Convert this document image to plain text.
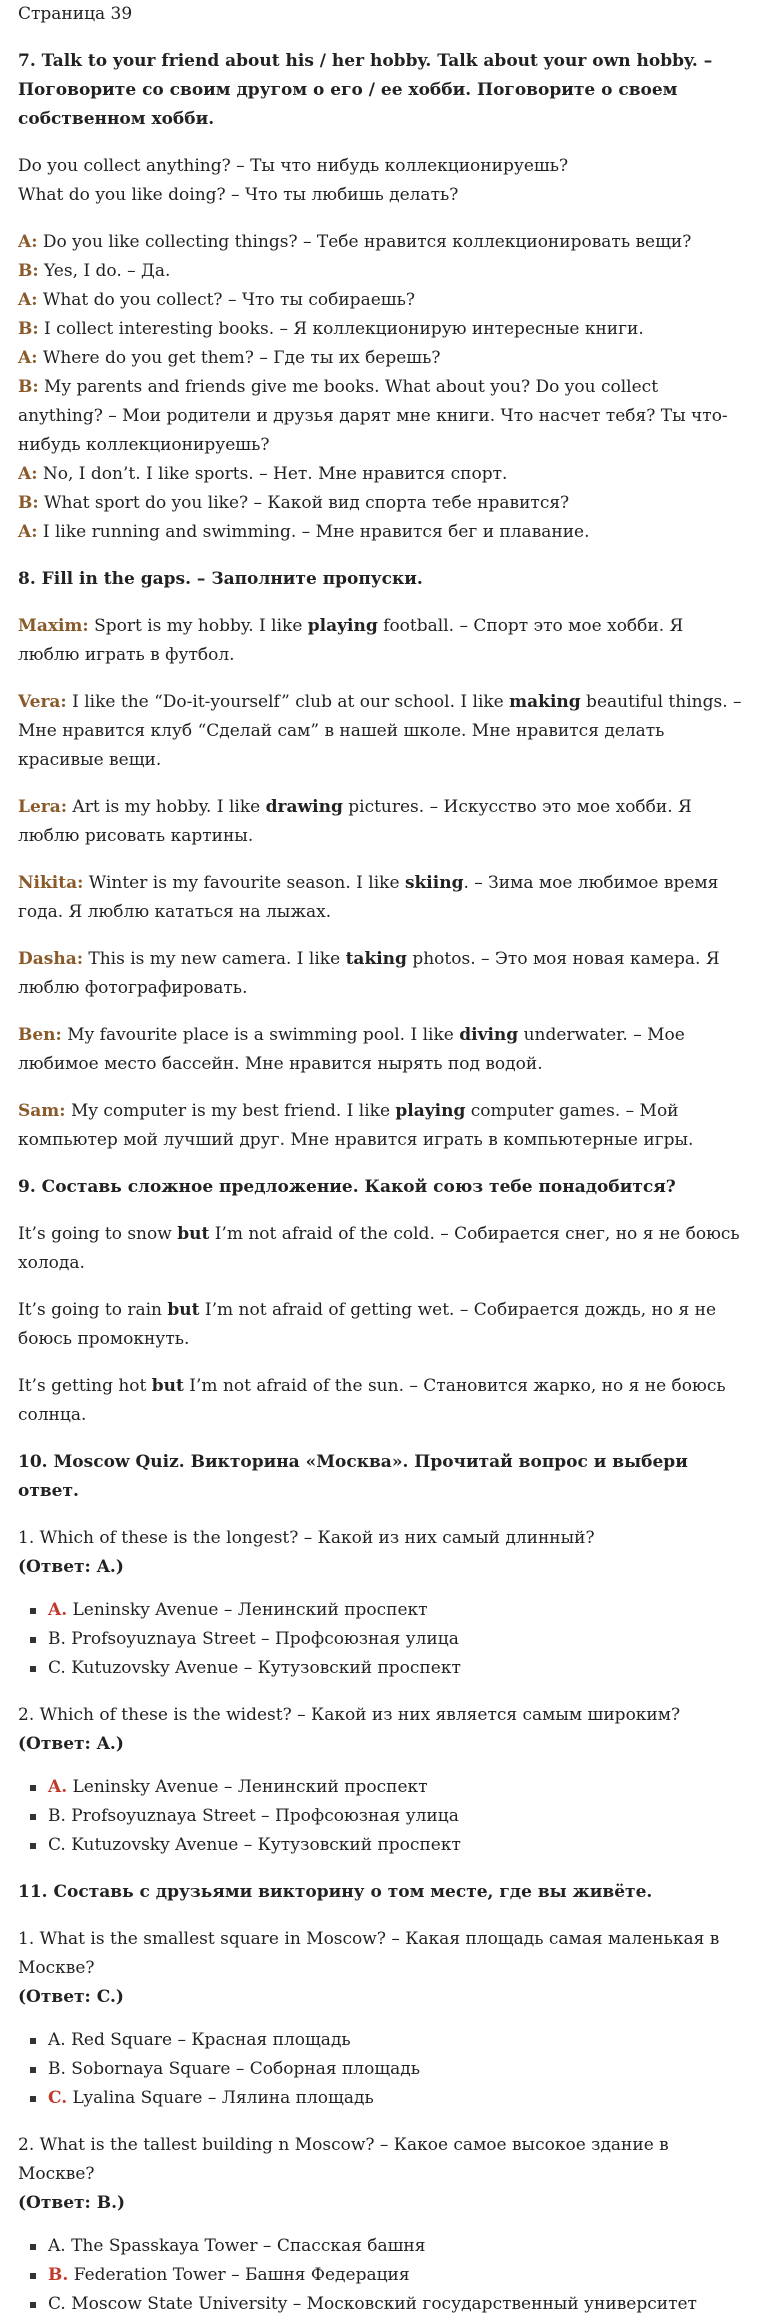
Страница 39

7. Talk to your friend about his / her hobby. Talk about your own hobby. – Поговорите со своим другом о его / ее хобби. Поговорите о своем собственном хобби.

Do you collect anything? – Ты что нибудь коллекционируешь?
What do you like doing? – Что ты любишь делать?
A: Do you like collecting things? – Тебе нравится коллекционировать вещи?
B: Yes, I do. – Да.
A: What do you collect? – Что ты собираешь?
B: I collect interesting books. – Я коллекционирую интересные книги.
A: Where do you get them? – Где ты их берешь?
B: My parents and friends give me books. What about you? Do you collect anything? – Мои родители и друзья дарят мне книги. Что насчет тебя? Ты что-нибудь коллекционируешь?
A: No, I don’t. I like sports. – Нет. Мне нравится спорт.
B: What sport do you like? – Какой вид спорта тебе нравится?
A: I like running and swimming. – Мне нравится бег и плавание.

8. Fill in the gaps. – Заполните пропуски.

Maxim: Sport is my hobby. I like playing football. – Спорт это мое хобби. Я люблю играть в футбол.

Vera: I like the “Do-it-yourself” club at our school. I like making beautiful things. – Мне нравится клуб “Сделай сам” в нашей школе. Мне нравится делать красивые вещи.

Lera: Art is my hobby. I like drawing pictures. – Искусство это мое хобби. Я люблю рисовать картины.

Nikita: Winter is my favourite season. I like skiing. – Зима мое любимое время года. Я люблю кататься на лыжах.

Dasha: This is my new camera. I like taking photos. – Это моя новая камера. Я люблю фотографировать.

Ben: My favourite place is a swimming pool. I like diving underwater. – Мое любимое место бассейн. Мне нравится нырять под водой.

Sam: My computer is my best friend. I like playing computer games. – Мой компьютер мой лучший друг. Мне нравится играть в компьютерные игры.

9. Составь сложное предложение. Какой союз тебе понадобится?

It’s going to snow but I’m not afraid of the cold. – Собирается снег, но я не боюсь холода.

It’s going to rain but I’m not afraid of getting wet. – Собирается дождь, но я не боюсь промокнуть.

It’s getting hot but I’m not afraid of the sun. – Становится жарко, но я не боюсь солнца.

10. Moscow Quiz. Викторина «Москва». Прочитай вопрос и выбери ответ.

1. Which of these is the longest? – Какой из них самый длинный?
(Ответ: A.)
A. Leninsky Avenue – Ленинский проспект
B. Profsoyuznaya Street – Профсоюзная улица
C. Kutuzovsky Avenue – Кутузовский проспект
2. Which of these is the widest? – Какой из них является самым широким?
(Ответ: A.)
A. Leninsky Avenue – Ленинский проспект
B. Profsoyuznaya Street – Профсоюзная улица
C. Kutuzovsky Avenue – Кутузовский проспект

11. Составь с друзьями викторину о том месте, где вы живёте.

1. What is the smallest square in Moscow? – Какая площадь самая маленькая в Москве?
(Ответ: C.)
A. Red Square – Красная площадь
B. Sobornaya Square – Соборная площадь
C. Lyalina Square – Лялина площадь
2. What is the tallest building n Moscow? – Какое самое высокое здание в Москве?
(Ответ: B.)
A. The Spasskaya Tower – Спасская башня
B. Federation Tower – Башня Федерация
C. Moscow State University – Московский государственный университет
